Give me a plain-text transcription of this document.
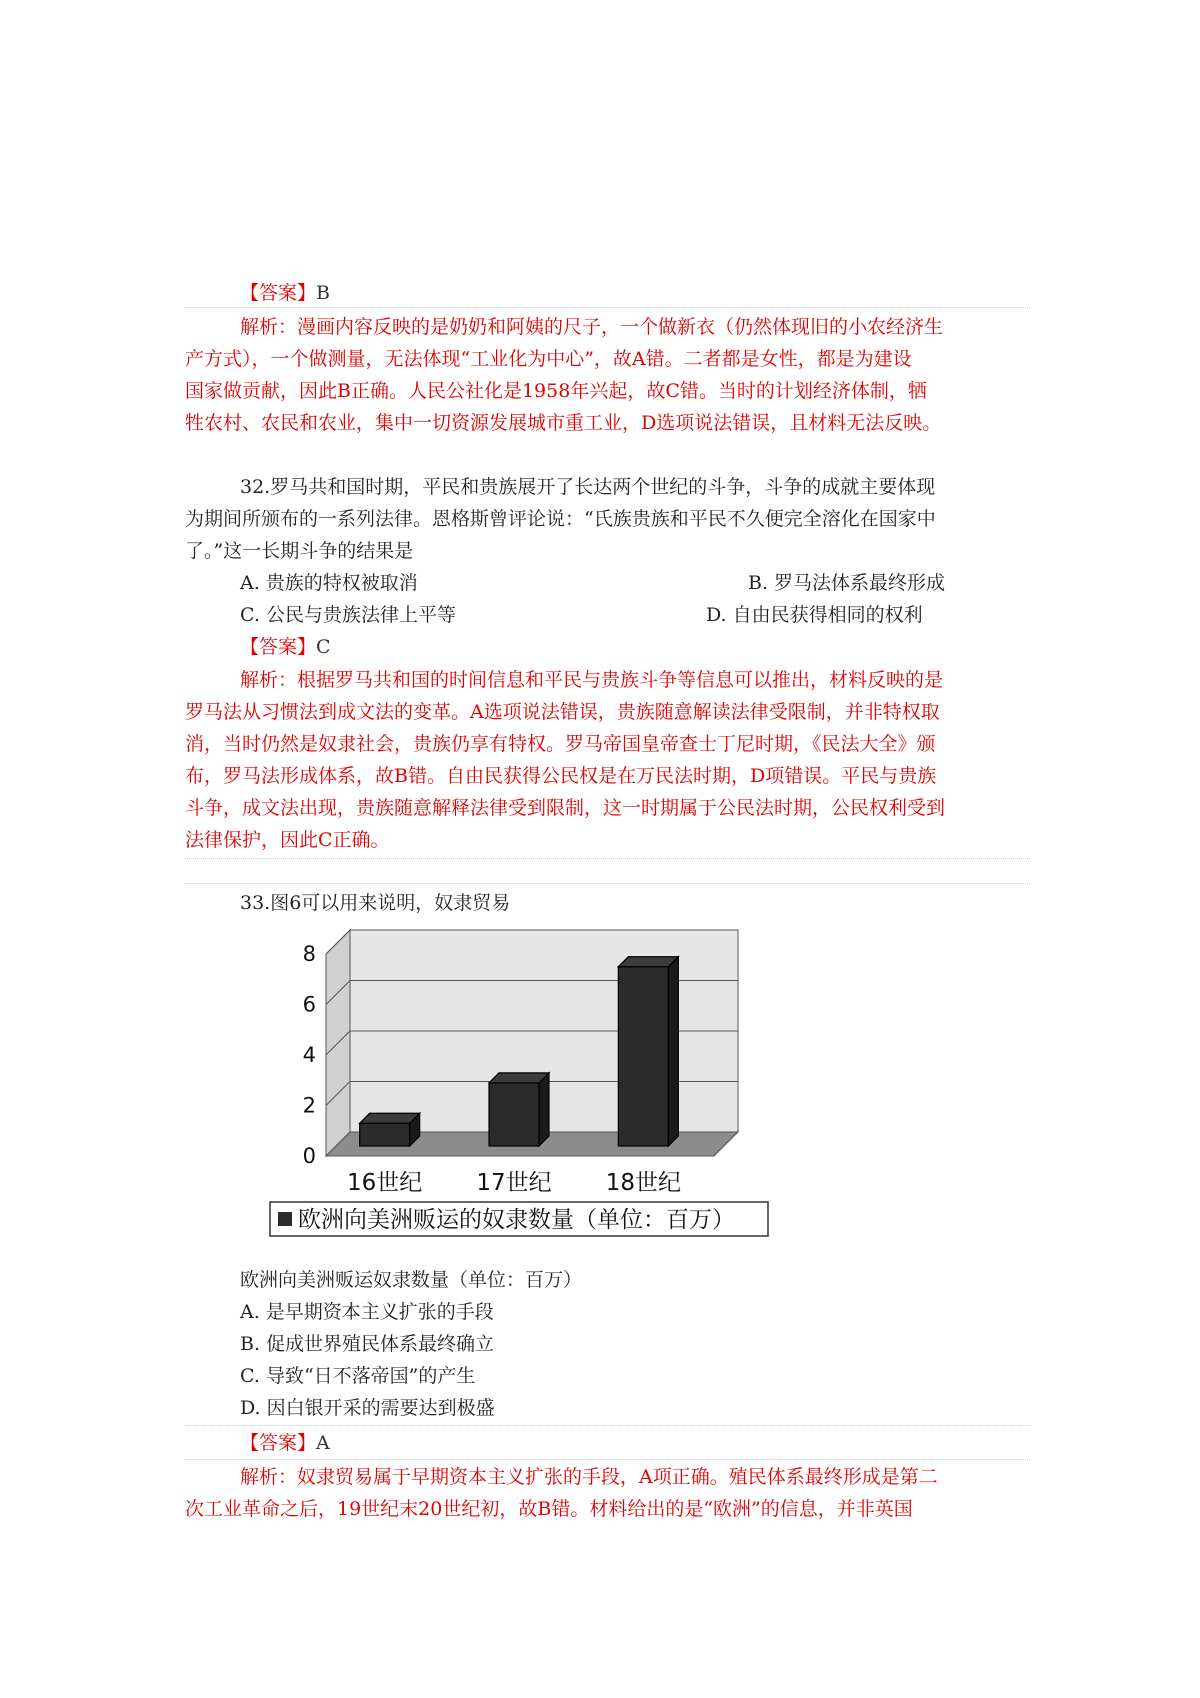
【答案】B
解析：漫画内容反映的是奶奶和阿姨的尺子，一个做新衣（仍然体现旧的小农经济生
产方式），一个做测量，无法体现“工业化为中心”，故A错。二者都是女性，都是为建设
国家做贡献，因此B正确。人民公社化是1958年兴起，故C错。当时的计划经济体制，牺
牲农村、农民和农业，集中一切资源发展城市重工业，D选项说法错误，且材料无法反映。
32.罗马共和国时期，平民和贵族展开了长达两个世纪的斗争，斗争的成就主要体现
为期间所颁布的一系列法律。恩格斯曾评论说：“氏族贵族和平民不久便完全溶化在国家中
了。”这一长期斗争的结果是
A. 贵族的特权被取消	B. 罗马法体系最终形成
C. 公民与贵族法律上平等	D. 自由民获得相同的权利
【答案】C
解析：根据罗马共和国的时间信息和平民与贵族斗争等信息可以推出，材料反映的是
罗马法从习惯法到成文法的变革。A选项说法错误，贵族随意解读法律受限制，并非特权取
消，当时仍然是奴隶社会，贵族仍享有特权。罗马帝国皇帝查士丁尼时期，《民法大全》颁
布，罗马法形成体系，故B错。自由民获得公民权是在万民法时期，D项错误。平民与贵族
斗争，成文法出现，贵族随意解释法律受到限制，这一时期属于公民法时期，公民权利受到
法律保护，因此C正确。
33.图6可以用来说明，奴隶贸易
0
2
4
6
8
16世纪 17世纪 18世纪
欧洲向美洲贩运的奴隶数量（单位：百万）
欧洲向美洲贩运奴隶数量（单位：百万）
A. 是早期资本主义扩张的手段
B. 促成世界殖民体系最终确立
C. 导致“日不落帝国”的产生
D. 因白银开采的需要达到极盛
【答案】A
解析：奴隶贸易属于早期资本主义扩张的手段，A项正确。殖民体系最终形成是第二
次工业革命之后，19世纪末20世纪初，故B错。材料给出的是“欧洲”的信息，并非英国
